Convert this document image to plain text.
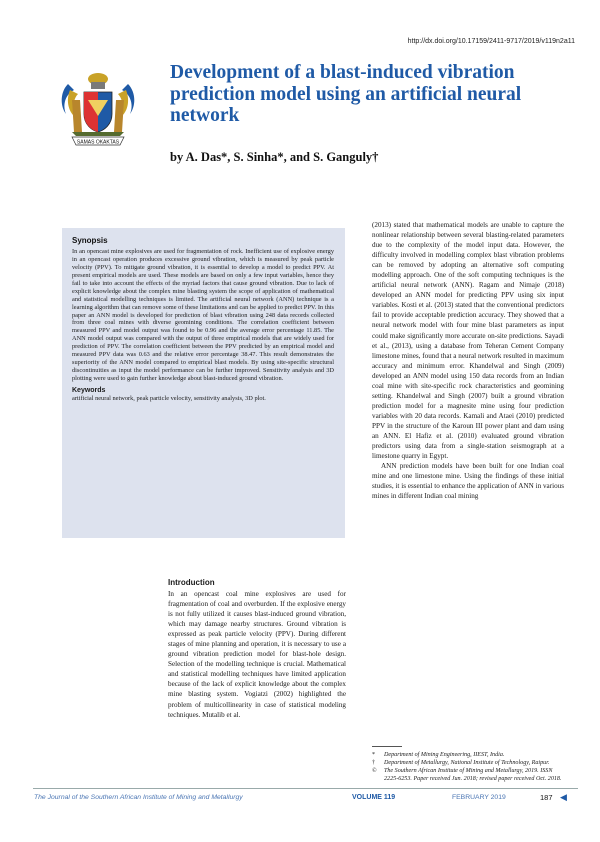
http://dx.doi.org/10.17159/2411-9717/2019/v119n2a11
SAMAS OKAKTAS
Development of a blast-induced vibration prediction model using an artificial neural network
by A. Das*, S. Sinha*, and S. Ganguly†
Synopsis

In an opencast mine explosives are used for fragmentation of rock. Inefficient use of explosive energy in an opencast operation produces excessive ground vibration, which is measured by peak particle velocity (PPV). To mitigate ground vibration, it is essential to develop a model to predict PPV. At present empirical models are used. These models are based on only a few input variables, hence they fail to take into account the effects of the myriad factors that cause ground vibration. Due to lack of explicit knowledge about the complex mine blasting system the scope of application of mathematical and statistical modelling techniques is limited. The artificial neural network (ANN) technique is a learning algorithm that can remove some of these limitations and can be applied to predict PPV. In this paper an ANN model is developed for prediction of blast vibration using 248 data records collected from three coal mines with diverse geomining conditions. The correlation coefficient between measured PPV and model output was found to be 0.96 and the average error percentage 11.85. The ANN model output was compared with the output of three empirical models that are widely used for prediction of PPV. The correlation coefficient between the PPV predicted by an empirical model and measured PPV data was 0.63 and the relative error percentage 38.47. This result demonstrates the superiority of the ANN model compared to empirical blast models. By using site-specific structural discontinuities as input the model performance can be further improved. Sensitivity analysis and 3D plotting were used to gain further knowledge about blast-induced ground vibration.

Keywords

artificial neural network, peak particle velocity, sensitivity analysis, 3D plot.

Introduction

In an opencast coal mine explosives are used for fragmentation of coal and overburden. If the explosive energy is not fully utilized it causes blast-induced ground vibration, which may damage nearby structures. Ground vibration is expressed as peak particle velocity (PPV). During different stages of mine planning and operation, it is necessary to use a ground vibration prediction model for blast-hole design. Selection of the modelling technique is crucial. Mathematical and statistical modelling techniques have limited application because of the lack of explicit knowledge about the complex mine blasting system. Vogiatzi (2002) highlighted the problem of multicollinearity in case of statistical modeling techniques. Mutalib et al.

(2013) stated that mathematical models are unable to capture the nonlinear relationship between several blasting-related parameters due to the complexity of the model input data. However, the difficulty involved in modelling complex blast vibration problems can be removed by adopting an alternative soft computing modelling approach. One of the soft computing techniques is the artificial neural network (ANN). Ragam and Nimaje (2018) developed an ANN model for predicting PPV using six input variables. Kosti et al. (2013) stated that the conventional predictors fail to provide acceptable prediction accuracy. They showed that a neural network model with four mine blast parameters as input could make significantly more accurate on-site predictions. Sayadi et al., (2013), using a database from Teheran Cement Company limestone mines, found that a neural network resulted in maximum accuracy and minimum error. Khandelwal and Singh (2009) developed an ANN model using 150 data records from an Indian coal mine with site-specific rock characteristics and geomining setting. Khandelwal and Singh (2007) built a ground vibration prediction model for a magnesite mine using four prediction variables with 20 data records. Kamali and Ataei (2010) predicted PPV in the structure of the Karoun III power plant and dam using an ANN. El Hafiz et al. (2010) evaluated ground vibration predictors using data from a single-station seismograph at a limestone quarry in Egypt.

ANN prediction models have been built for one Indian coal mine and one limestone mine. Using the findings of these initial studies, it is essential to enhance the application of ANN in various mines in different Indian coal mining

*	Department of Mining Engineering, IIEST, India.
†	Department of Metallurgy, National Institute of Technology, Raipur.
©	The Southern African Institute of Mining and Metallurgy, 2019. ISSN 2225-6253. Paper received Jun. 2018; revised paper received Oct. 2018.
The Journal of the Southern African Institute of Mining and Metallurgy	VOLUME 119	FEBRUARY 2019	187 ◀
